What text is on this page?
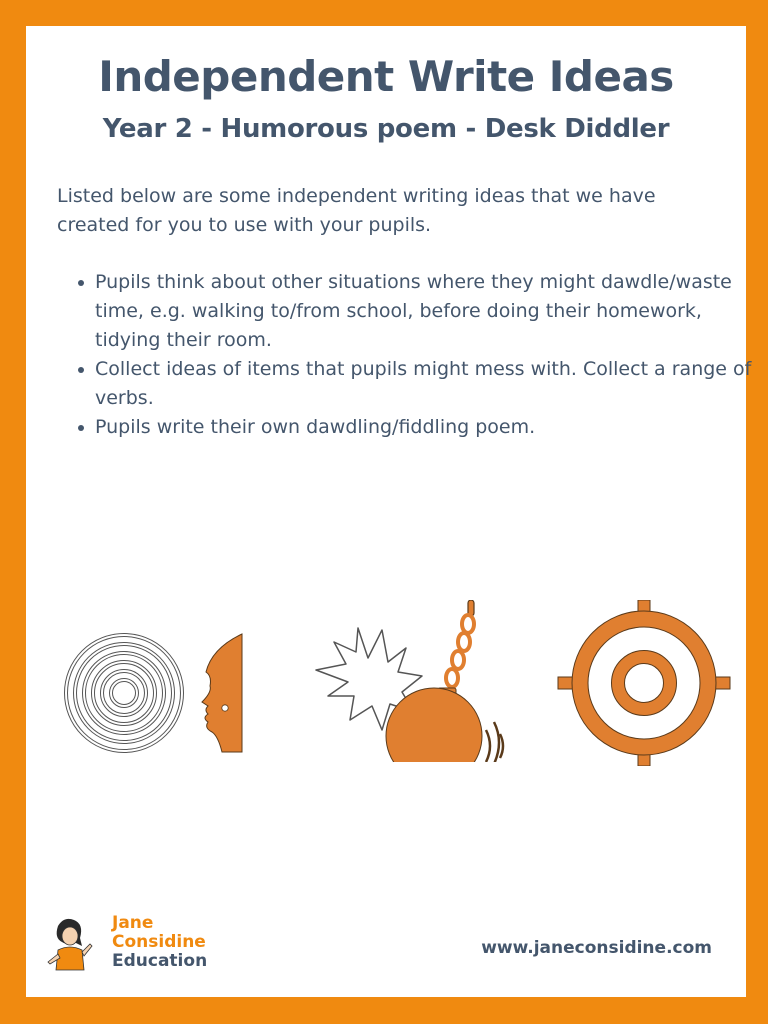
Independent Write Ideas
Year 2 - Humorous poem - Desk Diddler

Listed below are some independent writing ideas that we have created for you to use with your pupils.

Pupils think about other situations where they might dawdle/waste time, e.g. walking to/from school, before doing their homework, tidying their room.
Collect ideas of items that pupils might mess with. Collect a range of verbs.
Pupils write their own dawdling/fiddling poem.
Jane
Considine
Education
www.janeconsidine.com
